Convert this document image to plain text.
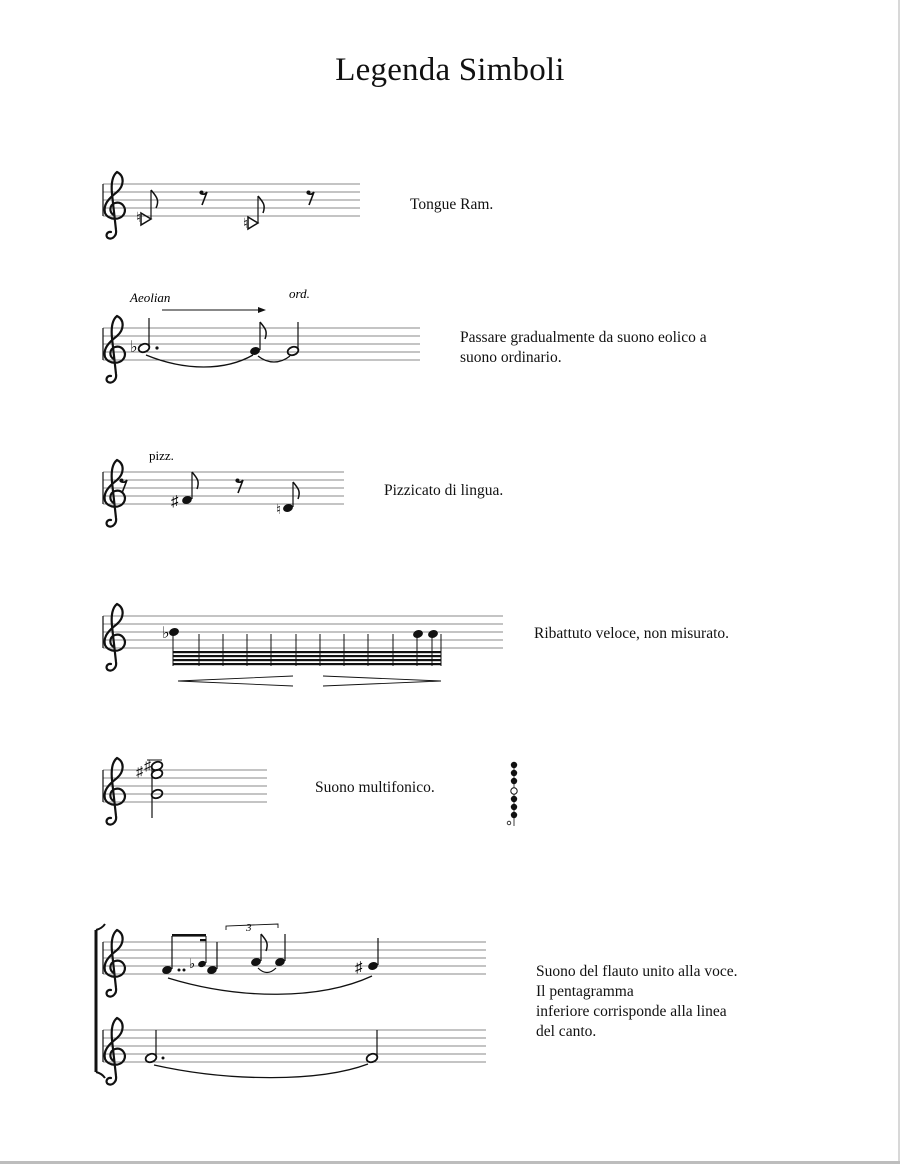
Legenda Simboli
Tongue Ram.
Passare gradualmente da suono eolico a
suono ordinario.
Pizzicato di lingua.
Ribattuto veloce, non misurato.
Suono multifonico.
Suono del flauto unito alla voce.
Il pentagramma
inferiore corrisponde alla linea
del canto.
♮	♮
Aeolian	ord.
♭
pizz.
♯
♮
♭
♯ ♯
♭
3
♯
